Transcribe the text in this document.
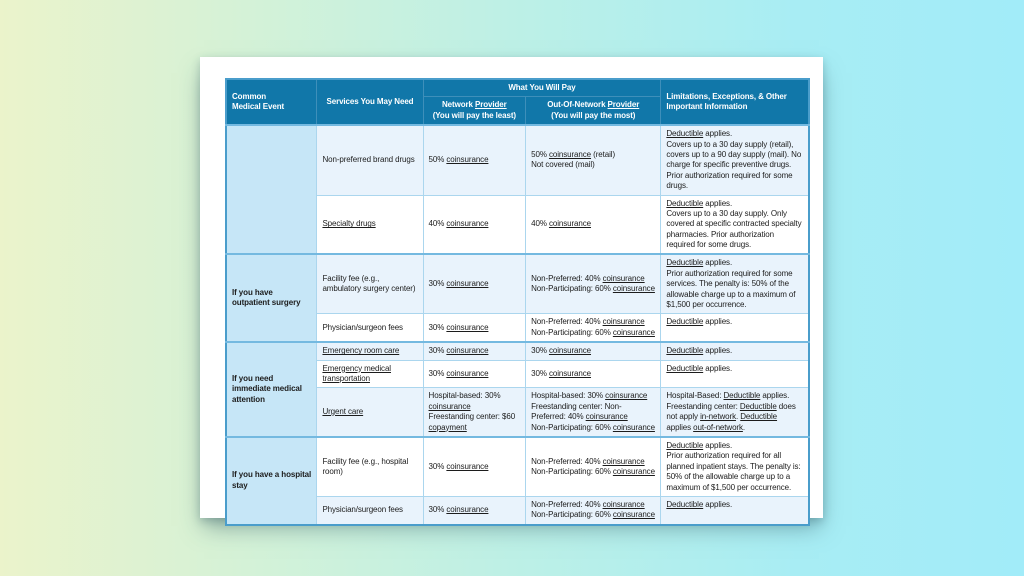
Common
Medical Event	Services You May Need	What You Will Pay		Limitations, Exceptions, & Other
Important Information
		Network Provider
(You will pay the least)	Out-Of-Network Provider
(You will pay the most)	
	Non-preferred brand drugs	50% coinsurance	50% coinsurance (retail)
Not covered (mail)	Deductible applies.
Covers up to a 30 day supply (retail), covers up to a 90 day supply (mail). No charge for specific preventive drugs. Prior authorization required for some drugs.
	Specialty drugs	40% coinsurance	40% coinsurance	Deductible applies.
Covers up to a 30 day supply. Only covered at specific contracted specialty pharmacies. Prior authorization required for some drugs.
If you have outpatient surgery	Facility fee (e.g., ambulatory surgery center)	30% coinsurance	Non-Preferred: 40% coinsurance
Non-Participating: 60% coinsurance	Deductible applies.
Prior authorization required for some services. The penalty is: 50% of the allowable charge up to a maximum of $1,500 per occurrence.
	Physician/surgeon fees	30% coinsurance	Non-Preferred: 40% coinsurance
Non-Participating: 60% coinsurance	Deductible applies.
If you need immediate medical attention	Emergency room care	30% coinsurance	30% coinsurance	Deductible applies.
	Emergency medical transportation	30% coinsurance	30% coinsurance	Deductible applies.
	Urgent care	Hospital-based: 30% coinsurance
Freestanding center: $60 copayment	Hospital-based: 30% coinsurance
Freestanding center: Non-Preferred: 40% coinsurance
Non-Participating: 60% coinsurance	Hospital-Based: Deductible applies.
Freestanding center: Deductible does not apply in-network. Deductible applies out-of-network.
If you have a hospital stay	Facility fee (e.g., hospital room)	30% coinsurance	Non-Preferred: 40% coinsurance
Non-Participating: 60% coinsurance	Deductible applies.
Prior authorization required for all planned inpatient stays. The penalty is: 50% of the allowable charge up to a maximum of $1,500 per occurrence.
	Physician/surgeon fees	30% coinsurance	Non-Preferred: 40% coinsurance
Non-Participating: 60% coinsurance	Deductible applies.
